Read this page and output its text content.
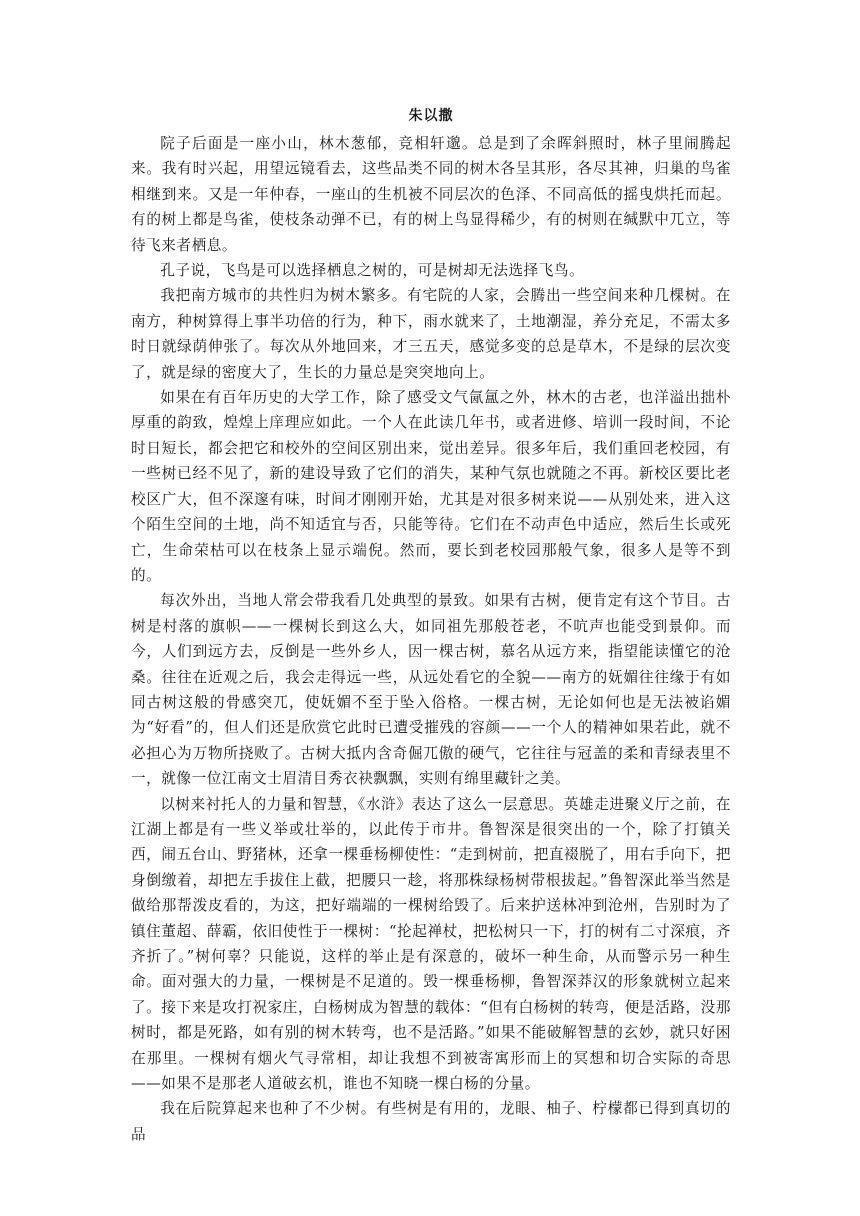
朱以撒

院子后面是一座小山，林木葱郁，竞相轩邈。总是到了余晖斜照时，林子里闹腾起来。我有时兴起，用望远镜看去，这些品类不同的树木各呈其形，各尽其神，归巢的鸟雀相继到来。又是一年仲春，一座山的生机被不同层次的色泽、不同高低的摇曳烘托而起。有的树上都是鸟雀，使枝条动弹不已，有的树上鸟显得稀少，有的树则在缄默中兀立，等待飞来者栖息。

孔子说，飞鸟是可以选择栖息之树的，可是树却无法选择飞鸟。

我把南方城市的共性归为树木繁多。有宅院的人家，会腾出一些空间来种几棵树。在南方，种树算得上事半功倍的行为，种下，雨水就来了，土地潮湿，养分充足，不需太多时日就绿荫伸张了。每次从外地回来，才三五天，感觉多变的总是草木，不是绿的层次变了，就是绿的密度大了，生长的力量总是突突地向上。

如果在有百年历史的大学工作，除了感受文气氤氲之外，林木的古老，也洋溢出拙朴厚重的韵致，煌煌上庠理应如此。一个人在此读几年书，或者进修、培训一段时间，不论时日短长，都会把它和校外的空间区别出来，觉出差异。很多年后，我们重回老校园，有一些树已经不见了，新的建设导致了它们的消失，某种气氛也就随之不再。新校区要比老校区广大，但不深邃有味，时间才刚刚开始，尤其是对很多树来说——从别处来，进入这个陌生空间的土地，尚不知适宜与否，只能等待。它们在不动声色中适应，然后生长或死亡，生命荣枯可以在枝条上显示端倪。然而，要长到老校园那般气象，很多人是等不到的。

每次外出，当地人常会带我看几处典型的景致。如果有古树，便肯定有这个节目。古树是村落的旗帜——一棵树长到这么大，如同祖先那般苍老，不吭声也能受到景仰。而今，人们到远方去，反倒是一些外乡人，因一棵古树，慕名从远方来，指望能读懂它的沧桑。往往在近观之后，我会走得远一些，从远处看它的全貌——南方的妩媚往往缘于有如同古树这般的骨感突兀，使妩媚不至于坠入俗格。一棵古树，无论如何也是无法被谄媚为“好看”的，但人们还是欣赏它此时已遭受摧残的容颜——一个人的精神如果若此，就不必担心为万物所挠败了。古树大抵内含奇倔兀傲的硬气，它往往与冠盖的柔和青绿表里不一，就像一位江南文士眉清目秀衣袂飘飘，实则有绵里藏针之美。

以树来衬托人的力量和智慧，《水浒》表达了这么一层意思。英雄走进聚义厅之前，在江湖上都是有一些义举或壮举的，以此传于市井。鲁智深是很突出的一个，除了打镇关西，闹五台山、野猪林，还拿一棵垂杨柳使性：“走到树前，把直裰脱了，用右手向下，把身倒缴着，却把左手拔住上截，把腰只一趁，将那株绿杨树带根拔起。”鲁智深此举当然是做给那帮泼皮看的，为这，把好端端的一棵树给毁了。后来护送林冲到沧州，告别时为了镇住董超、薛霸，依旧使性于一棵树：“抡起禅杖，把松树只一下，打的树有二寸深痕，齐齐折了。”树何辜？只能说，这样的举止是有深意的，破坏一种生命，从而警示另一种生命。面对强大的力量，一棵树是不足道的。毁一棵垂杨柳，鲁智深莽汉的形象就树立起来了。接下来是攻打祝家庄，白杨树成为智慧的载体：“但有白杨树的转弯，便是活路，没那树时，都是死路，如有别的树木转弯，也不是活路。”如果不能破解智慧的玄妙，就只好困在那里。一棵树有烟火气寻常相，却让我想不到被寄寓形而上的冥想和切合实际的奇思——如果不是那老人道破玄机，谁也不知晓一棵白杨的分量。

我在后院算起来也种了不少树。有些树是有用的，龙眼、柚子、柠檬都已得到真切的品
